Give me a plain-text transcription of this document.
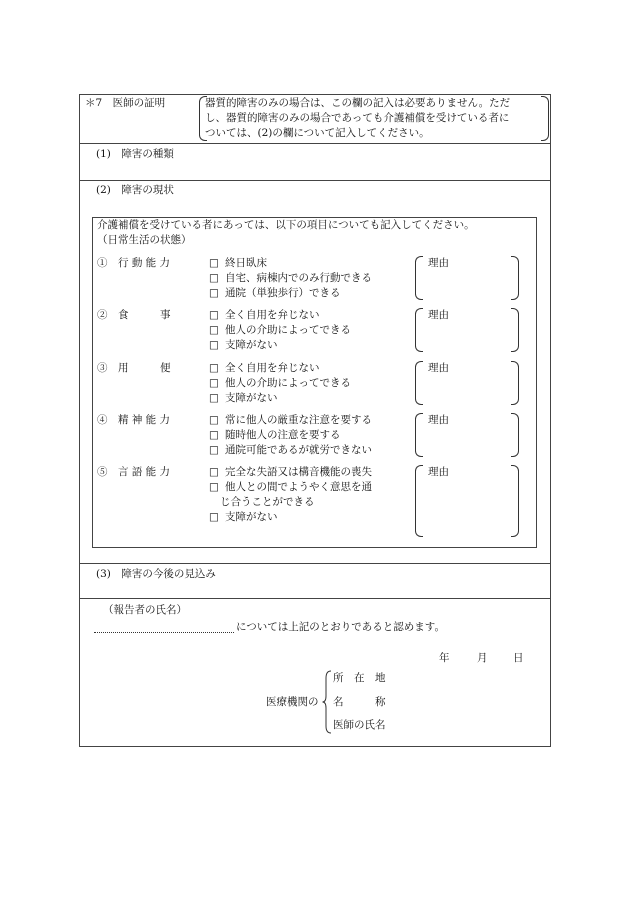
＊7　医師の証明	器質的障害のみの場合は、この欄の記入は必要ありません。ただ
し、器質的障害のみの場合であっても介護補償を受けている者に
ついては、(2)の欄について記入してください。
(1)　障害の種類
(2)　障害の現状
介護補償を受けている者にあっては、以下の項目についても記入してください。
（日常生活の状態）
①　行 動 能 力	□ 終日臥床
□ 自宅、病棟内でのみ行動できる
□ 通院（単独歩行）できる
理由
②　食　　　事	□ 全く自用を弁じない
□ 他人の介助によってできる
□ 支障がない
理由
③　用　　　便	□ 全く自用を弁じない
□ 他人の介助によってできる
□ 支障がない
理由
④　精 神 能 力	□ 常に他人の厳重な注意を要する
□ 随時他人の注意を要する
□ 通院可能であるが就労できない
理由
⑤　言 語 能 力	□ 完全な失語又は構音機能の喪失
□ 他人との間でようやく意思を通
じ合うことができる
□ 支障がない
理由
(3)　障害の今後の見込み
（報告者の氏名）
については上記のとおりであると認めます。
年	月 日
医療機関の
所　在　地
名　　　称
医師の氏名
